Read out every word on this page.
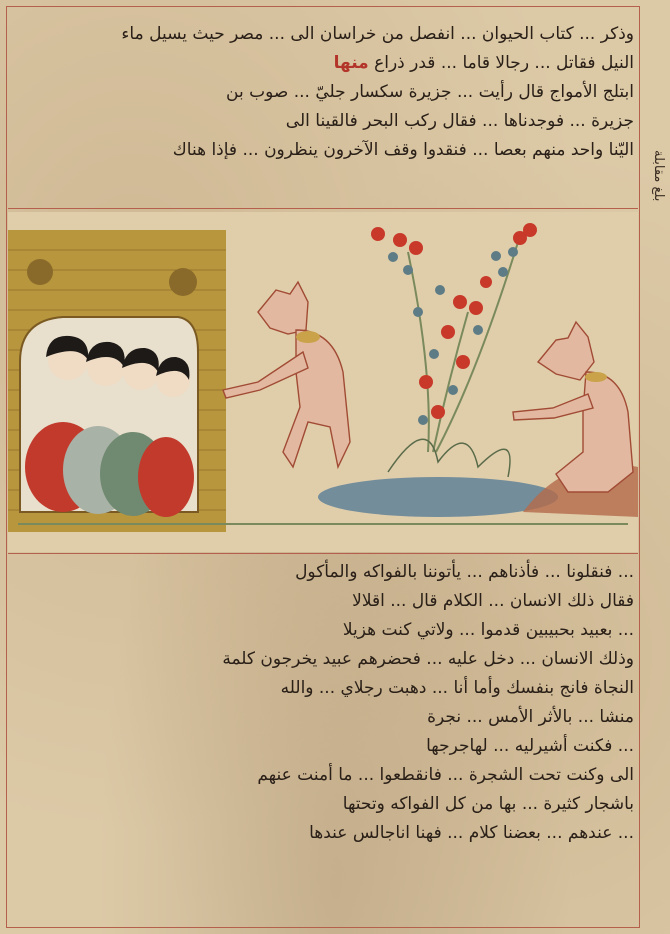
وذكر ... كتاب الحيوان ... انفصل من خراسان الى ... مصر حيث يسيل ماء
النيل فقاتل ... رجالا قاما ... قدر ذراع منها
ابتلج الأمواج قال رأيت ... جزيرة سكسار جليّ ... صوب بن
جزيرة ... فوجدناها ... فقال ركب البحر فالقينا الى
اليّنا واحد منهم بعصا ... فنقدوا وقف الآخرون ينظرون ... فإذا هناك بلغ مقابلة
... فنقلونا ... فأذناهم ... يأتوننا بالفواكه والمأكول
فقال ذلك الانسان ... الكلام قال ... اقلالا
... بعبيد بحبيبين قدموا ... ولاتي كنت هزيلا
وذلك الانسان ... دخل عليه ... فحضرهم عبيد يخرجون كلمة
النجاة فانج بنفسك وأما أنا ... دهبت رجلاي ... والله
منشا ... بالأثر الأمس ... نجرة
... فكنت أشيرليه ... لهاجرجها
الى وكنت تحت الشجرة ... فانقطعوا ... ما أمنت عنهم
باشجار كثيرة ... بها من كل الفواكه وتحتها
... عندهم ... بعضنا كلام ... فهنا اناجالس عندها
